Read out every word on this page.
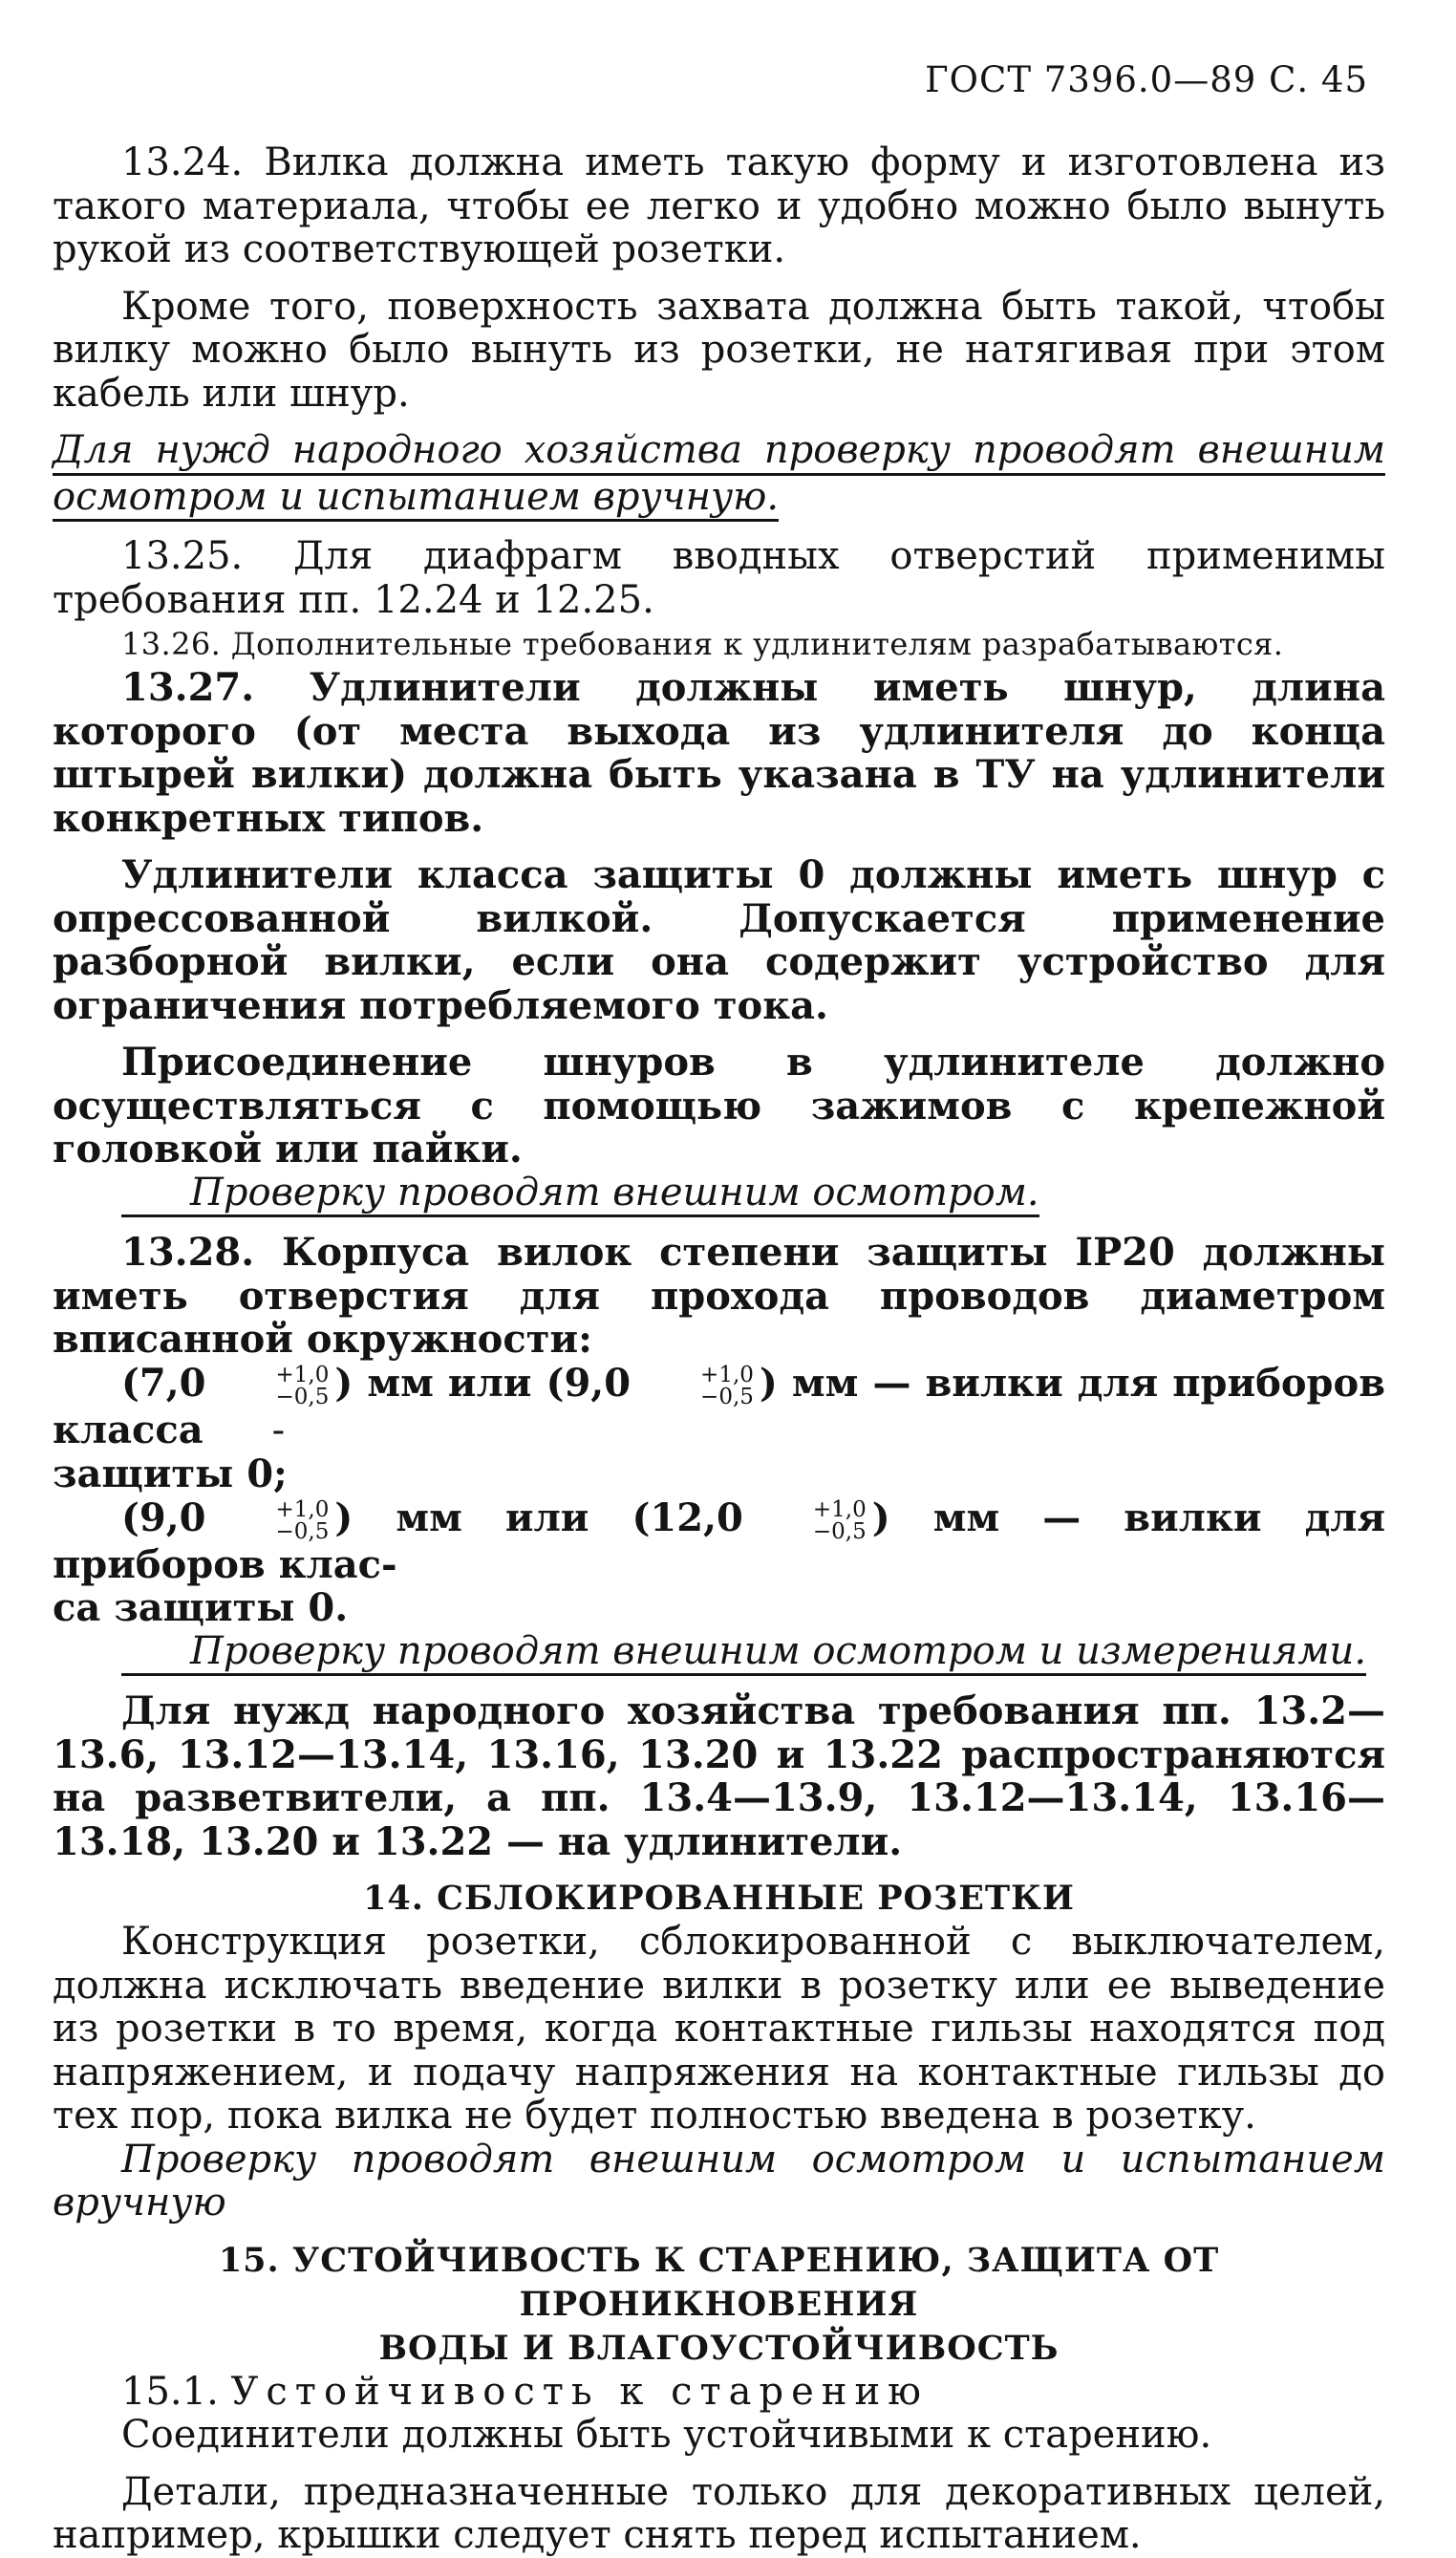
ГОСТ 7396.0—89 С. 45

13.24. Вилка должна иметь такую форму и изготовлена из такого материала, чтобы ее легко и удобно можно было вынуть рукой из соответствующей розетки.

Кроме того, поверхность захвата должна быть такой, чтобы вилку можно было вынуть из розетки, не натягивая при этом кабель или шнур.

Для нужд народного хозяйства проверку проводят внешним

осмотром и испытанием вручную.

13.25. Для диафрагм вводных отверстий применимы требования пп. 12.24 и 12.25.

13.26. Дополнительные требования к удлинителям разрабатываются.

13.27. Удлинители должны иметь шнур, длина которого (от места выхода из удлинителя до конца штырей вилки) должна быть указана в ТУ на удлинители конкретных типов.

Удлинители класса защиты 0 должны иметь шнур с опрессованной вилкой. Допускается применение разборной вилки, если она содержит устройство для ограничения потребляемого тока.

Присоединение шнуров в удлинителе должно осуществляться с помощью зажимов с крепежной головкой или пайки.

Проверку проводят внешним осмотром.

13.28. Корпуса вилок степени защиты IP20 должны иметь отверстия для прохода проводов диаметром вписанной окружности:

(7,0	+1,0
−0,5 ) мм или (9,0	+1,0
−0,5 ) мм — вилки для приборов класса -

защиты 0;

(9,0	+1,0
−0,5 ) мм или (12,0	+1,0
−0,5 ) мм — вилки для приборов клас-

са защиты 0.

Проверку проводят внешним осмотром и измерениями.

Для нужд народного хозяйства требования пп. 13.2—13.6, 13.12—13.14, 13.16, 13.20 и 13.22 распространяются на разветвители, а пп. 13.4—13.9, 13.12—13.14, 13.16—13.18, 13.20 и 13.22 — на удлинители.

14. СБЛОКИРОВАННЫЕ РОЗЕТКИ

Конструкция розетки, сблокированной с выключателем, должна исключать введение вилки в розетку или ее выведение из розетки в то время, когда контактные гильзы находятся под напряжением, и подачу напряжения на контактные гильзы до тех пор, пока вилка не будет полностью введена в розетку.

Проверку проводят внешним осмотром и испытанием вручную

15. УСТОЙЧИВОСТЬ К СТАРЕНИЮ, ЗАЩИТА ОТ ПРОНИКНОВЕНИЯ

ВОДЫ И ВЛАГОУСТОЙЧИВОСТЬ

15.1. Устойчивость к старению

Соединители должны быть устойчивыми к старению.

Детали, предназначенные только для декоративных целей, например, крышки следует снять перед испытанием.
